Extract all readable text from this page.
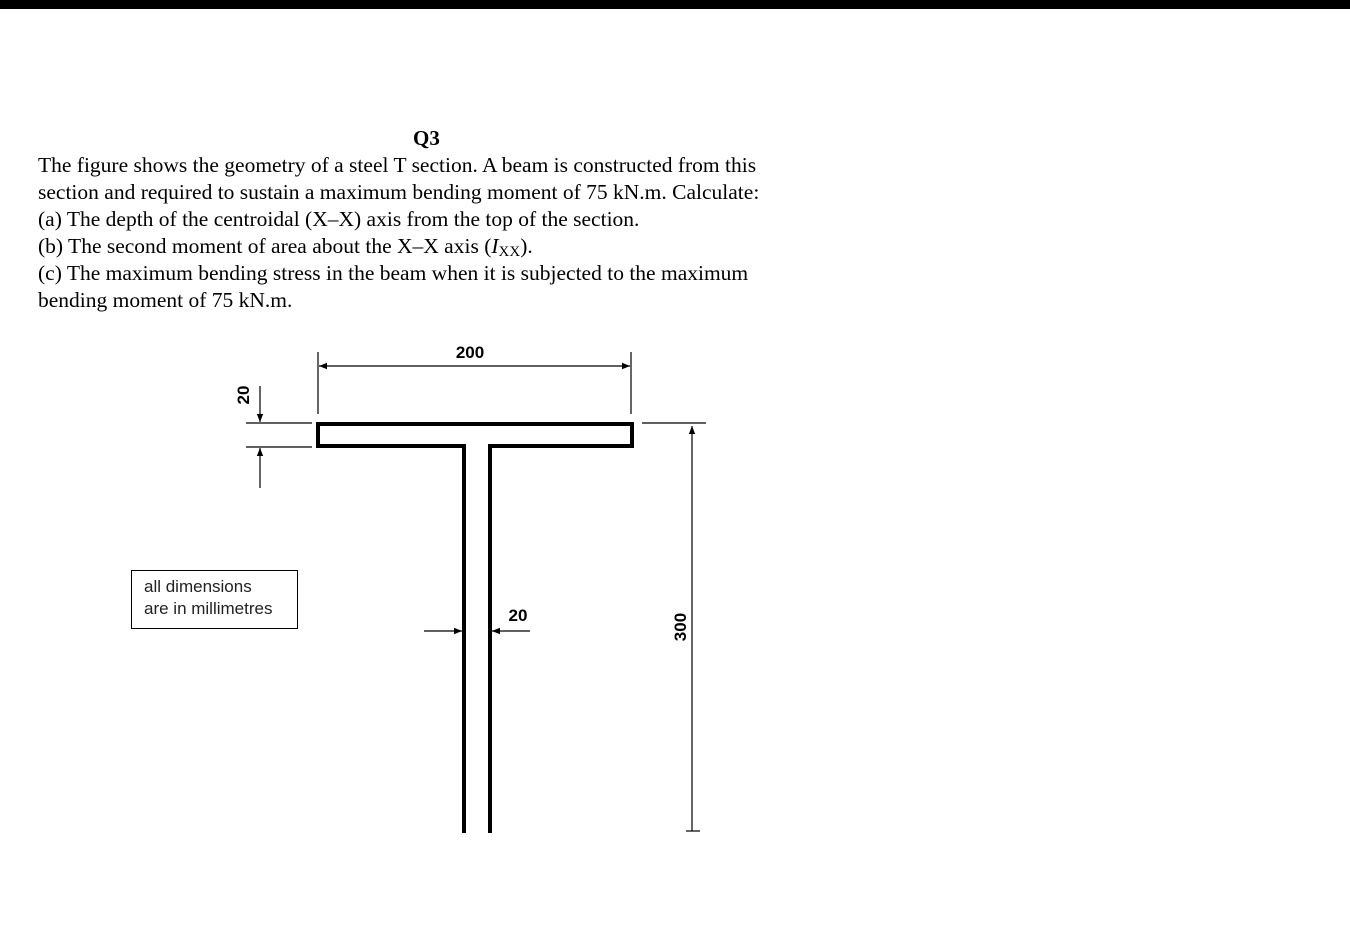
Q3
The figure shows the geometry of a steel T section. A beam is constructed from this
section and required to sustain a maximum bending moment of 75 kN.m. Calculate:
(a) The depth of the centroidal (X–X) axis from the top of the section.
(b) The second moment of area about the X–X axis $(I_{XX})$.
(c) The maximum bending stress in the beam when it is subjected to the maximum
bending moment of 75 kN.m.
200
20
20	300
all dimensions
are in millimetres
